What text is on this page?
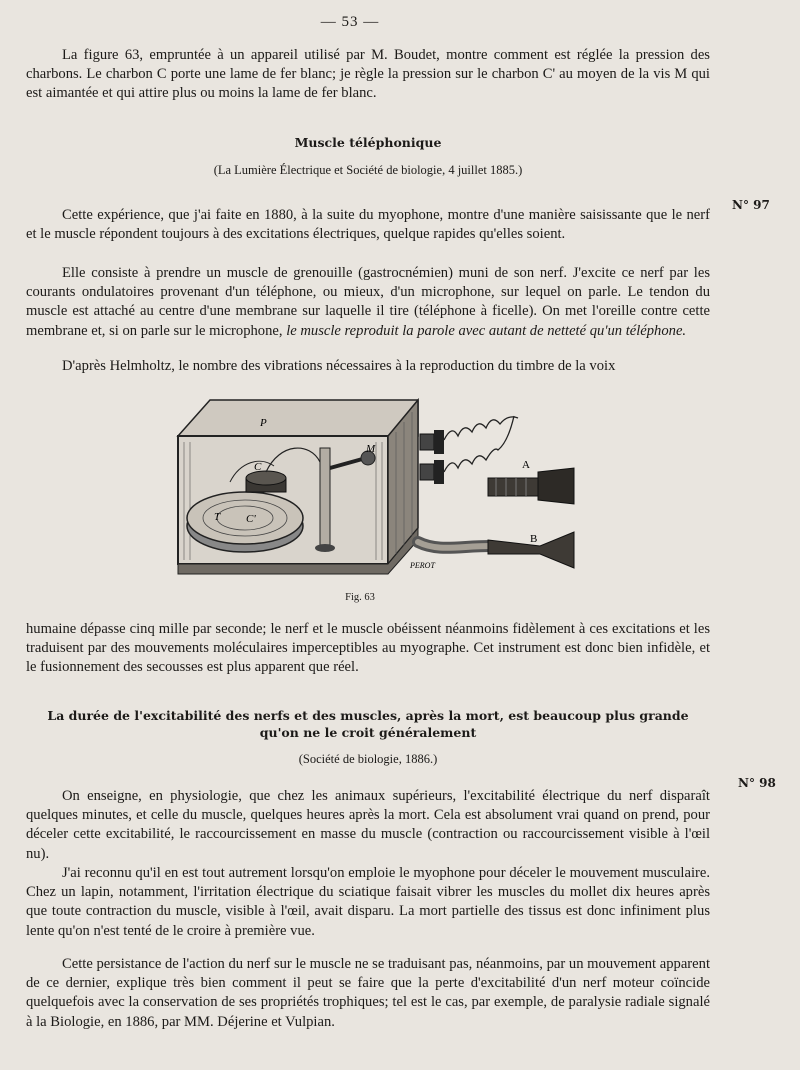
— 53 —
La figure 63, empruntée à un appareil utilisé par M. Boudet, montre comment est réglée la pression des charbons. Le charbon C porte une lame de fer blanc; je règle la pression sur le charbon C' au moyen de la vis M qui est aimantée et qui attire plus ou moins la lame de fer blanc.
Muscle téléphonique
(La Lumière Électrique et Société de biologie, 4 juillet 1885.)
N° 97
Cette expérience, que j'ai faite en 1880, à la suite du myophone, montre d'une manière saisissante que le nerf et le muscle répondent toujours à des excitations électriques, quelque rapides qu'elles soient.
Elle consiste à prendre un muscle de grenouille (gastrocnémien) muni de son nerf. J'excite ce nerf par les courants ondulatoires provenant d'un téléphone, ou mieux, d'un microphone, sur lequel on parle. Le tendon du muscle est attaché au centre d'une membrane sur laquelle il tire (téléphone à ficelle). On met l'oreille contre cette membrane et, si on parle sur le microphone, le muscle reproduit la parole avec autant de netteté qu'un téléphone.
D'après Helmholtz, le nombre des vibrations nécessaires à la reproduction du timbre de la voix
P
C
T C'
M
A
B
PEROT
Fig. 63
humaine dépasse cinq mille par seconde; le nerf et le muscle obéissent néanmoins fidèlement à ces excitations et les traduisent par des mouvements moléculaires imperceptibles au myographe. Cet instrument est donc bien infidèle, et le fusionnement des secousses est plus apparent que réel.
La durée de l'excitabilité des nerfs et des muscles, après la mort, est beaucoup plus grande
qu'on ne le croit généralement
(Société de biologie, 1886.)
N° 98
On enseigne, en physiologie, que chez les animaux supérieurs, l'excitabilité électrique du nerf disparaît quelques minutes, et celle du muscle, quelques heures après la mort. Cela est absolument vrai quand on prend, pour déceler cette excitabilité, le raccourcissement en masse du muscle (contraction ou raccourcissement visible à l'œil nu).
J'ai reconnu qu'il en est tout autrement lorsqu'on emploie le myophone pour déceler le mouvement musculaire. Chez un lapin, notamment, l'irritation électrique du sciatique faisait vibrer les muscles du mollet dix heures après que toute contraction du muscle, visible à l'œil, avait disparu. La mort partielle des tissus est donc infiniment plus lente qu'on n'est tenté de le croire à première vue.
Cette persistance de l'action du nerf sur le muscle ne se traduisant pas, néanmoins, par un mouvement apparent de ce dernier, explique très bien comment il peut se faire que la perte d'excitabilité d'un nerf moteur coïncide quelquefois avec la conservation de ses propriétés trophiques; tel est le cas, par exemple, de paralysie radiale signalé à la Biologie, en 1886, par MM. Déjerine et Vulpian.
